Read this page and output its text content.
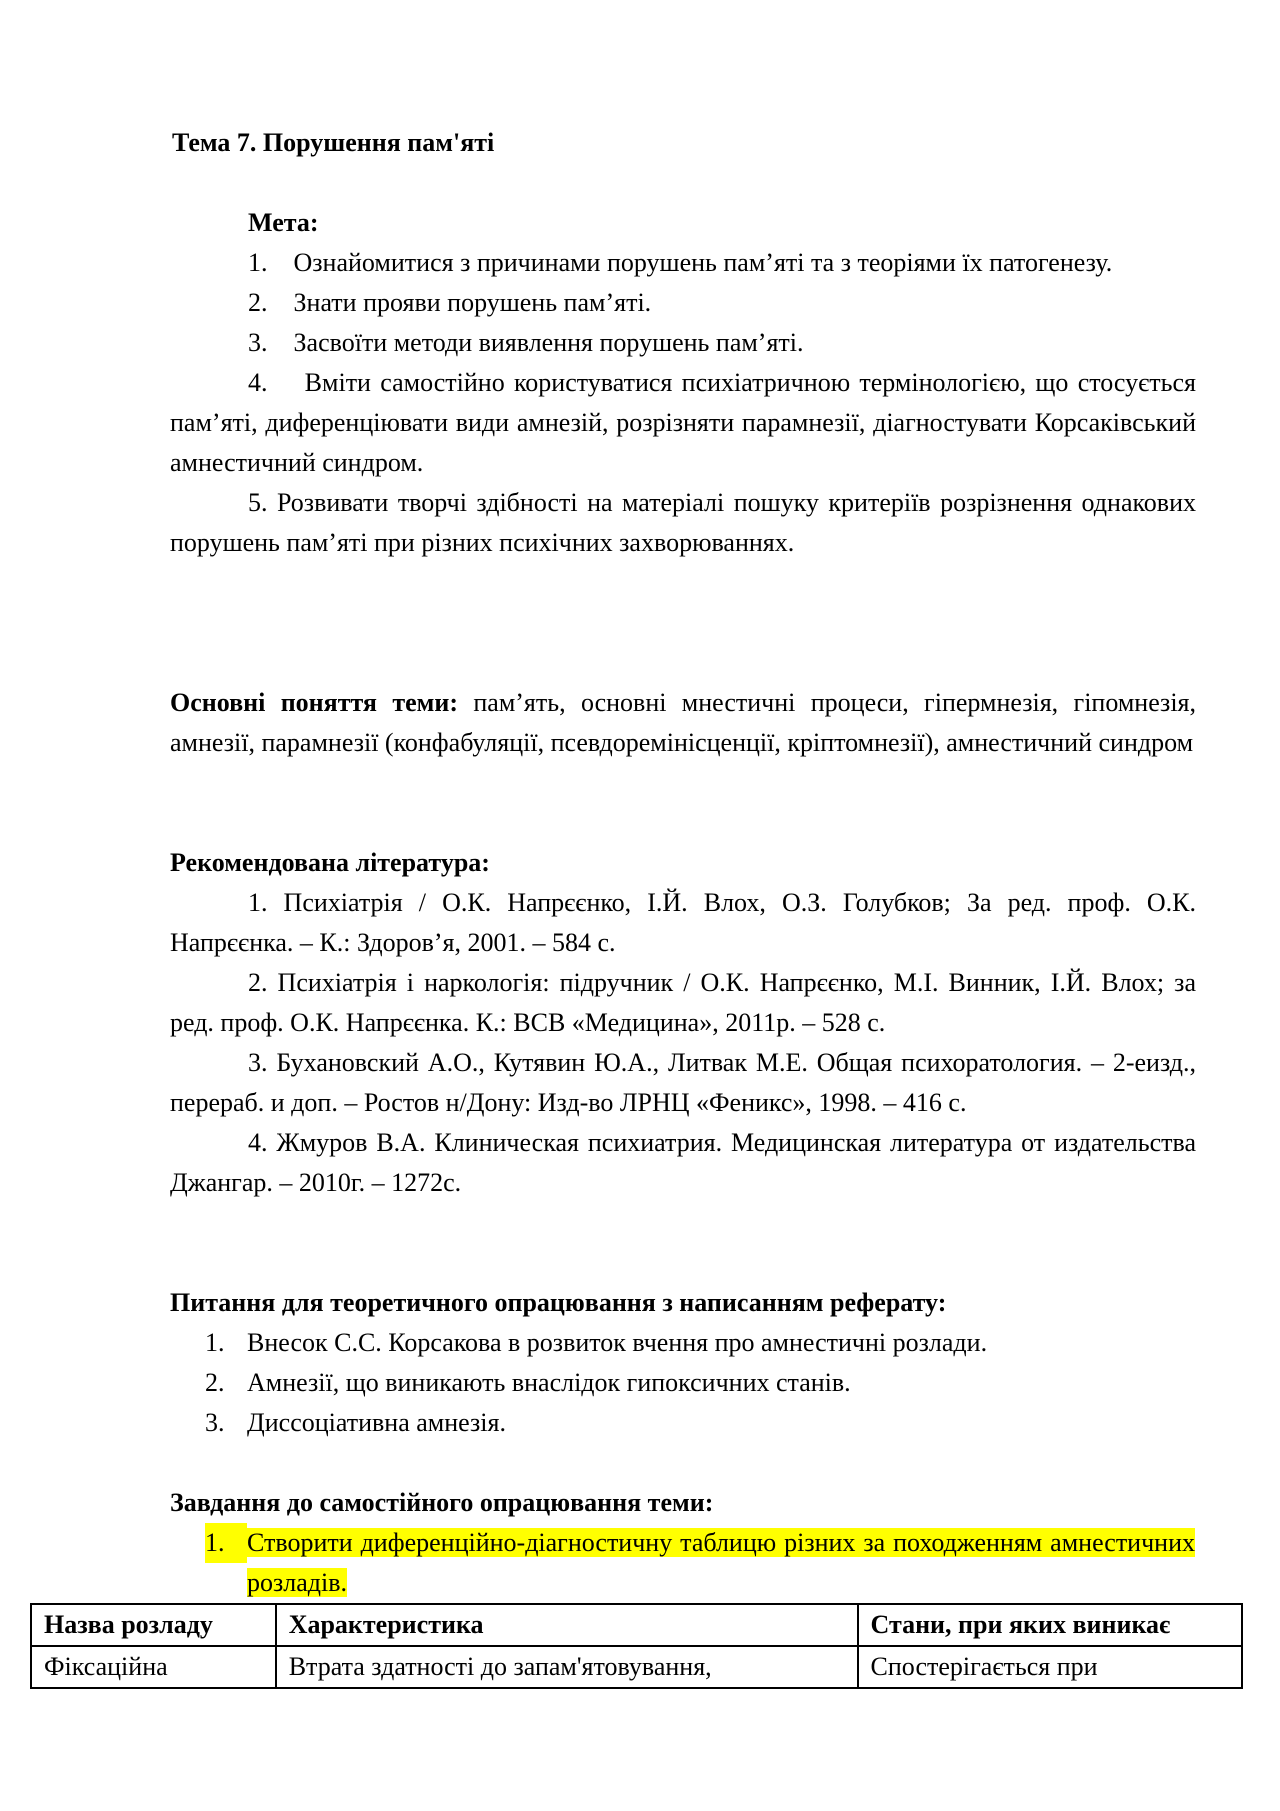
Тема 7. Порушення пам'яті

Мета:

1. Ознайомитися з причинами порушень пам’яті та з теоріями їх патогенезу.

2. Знати прояви порушень пам’яті.

3. Засвоїти методи виявлення порушень пам’яті.

4. Вміти самостійно користуватися психіатричною термінологією, що стосується пам’яті, диференціювати види амнезій, розрізняти парамнезії, діагностувати Корсаківський амнестичний синдром.

5. Розвивати творчі здібності на матеріалі пошуку критеріїв розрізнення однакових порушень пам’яті при різних психічних захворюваннях.

Основні поняття теми: пам’ять, основні мнестичні процеси, гіпермнезія, гіпомнезія, амнезії, парамнезії (конфабуляції, псевдоремінісценції, кріптомнезії), амнестичний синдром

Рекомендована література:

1. Психіатрія / О.К. Напрєєнко, І.Й. Влох, О.З. Голубков; За ред. проф. О.К. Напрєєнка. – К.: Здоров’я, 2001. – 584 с.

2. Психіатрія і наркологія: підручник / О.К. Напрєєнко, М.І. Винник, І.Й. Влох; за ред. проф. О.К. Напрєєнка. К.: ВСВ «Медицина», 2011р. – 528 с.

3. Бухановский А.О., Кутявин Ю.А., Литвак М.Е. Общая психоратология. – 2-еизд., перераб. и доп. – Ростов н/Дону: Изд-во ЛРНЦ «Феникс», 1998. – 416 с.

4. Жмуров В.А. Клиническая психиатрия. Медицинская литература от издательства Джангар. – 2010г. – 1272с.

Питання для теоретичного опрацювання з написанням реферату:

1. Внесок С.С. Корсакова в розвиток вчення про амнестичні розлади.
2. Амнезії, що виникають внаслідок гипоксичних станів.
3. Диссоціативна амнезія.

Завдання до самостійного опрацювання теми:

1. Створити диференційно-діагностичну таблицю різних за походженням амнестичних розладів.
Назва розладу	Характеристика	Стани, при яких виникає
Фіксаційна	Втрата здатності до запам'ятовування,	Спостерігається при
